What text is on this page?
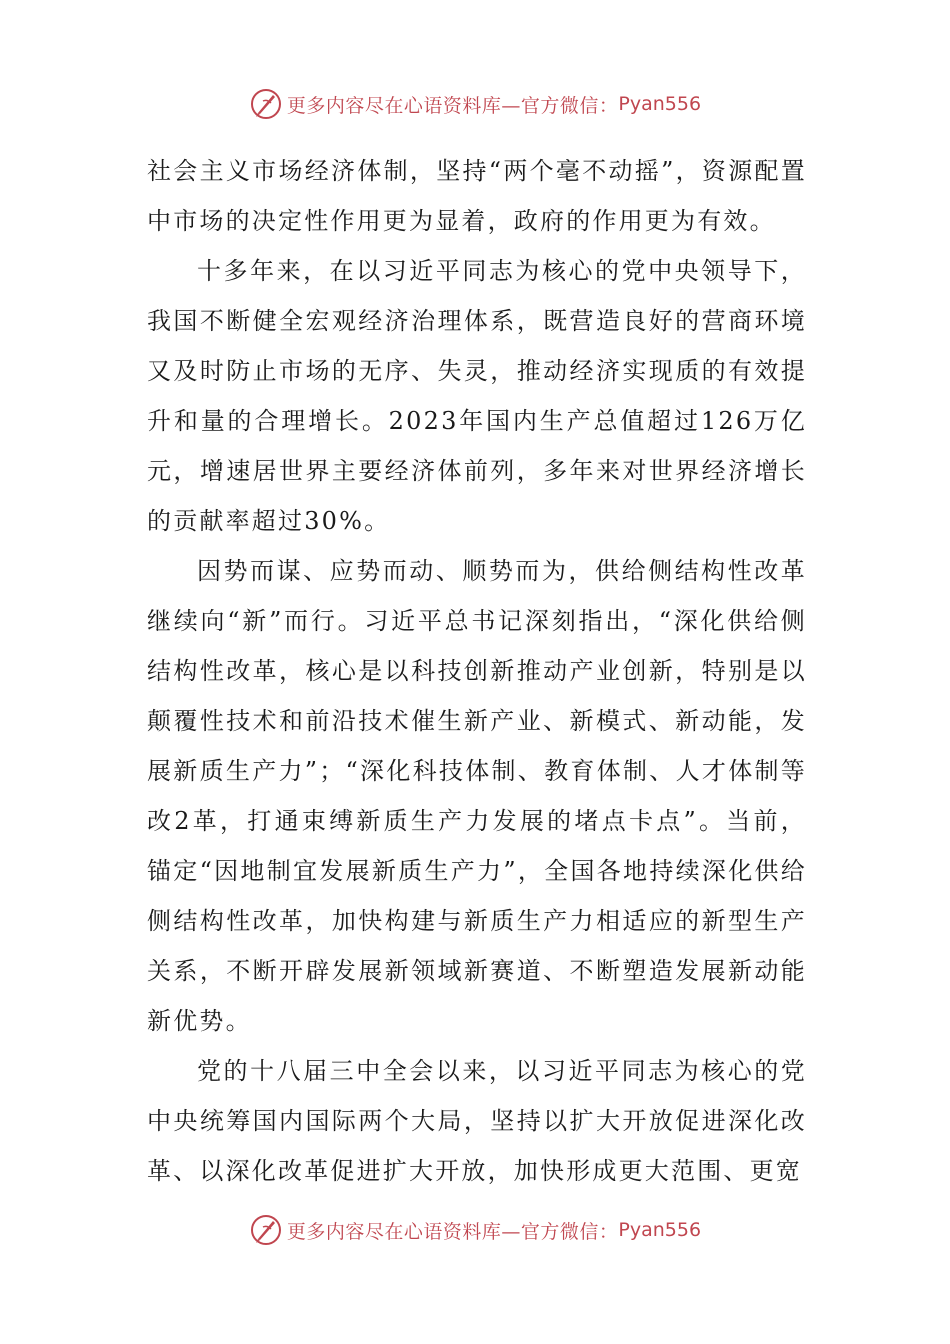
更多内容尽在心语资料库—官方微信： Pyan556

社会主义市场经济体制，坚持“两个毫不动摇”，资源配置中市场的决定性作用更为显着，政府的作用更为有效。

十多年来，在以习近平同志为核心的党中央领导下，我国不断健全宏观经济治理体系，既营造良好的营商环境又及时防止市场的无序、失灵，推动经济实现质的有效提升和量的合理增长。2023年国内生产总值超过126万亿元，增速居世界主要经济体前列，多年来对世界经济增长的贡献率超过30%。

因势而谋、应势而动、顺势而为，供给侧结构性改革继续向“新”而行。习近平总书记深刻指出，“深化供给侧结构性改革，核心是以科技创新推动产业创新，特别是以颠覆性技术和前沿技术催生新产业、新模式、新动能，发展新质生产力”；“深化科技体制、教育体制、人才体制等改2革，打通束缚新质生产力发展的堵点卡点”。当前，锚定“因地制宜发展新质生产力”，全国各地持续深化供给侧结构性改革，加快构建与新质生产力相适应的新型生产关系，不断开辟发展新领域新赛道、不断塑造发展新动能新优势。

党的十八届三中全会以来，以习近平同志为核心的党中央统筹国内国际两个大局，坚持以扩大开放促进深化改革、以深化改革促进扩大开放，加快形成更大范围、更宽

更多内容尽在心语资料库—官方微信： Pyan556
